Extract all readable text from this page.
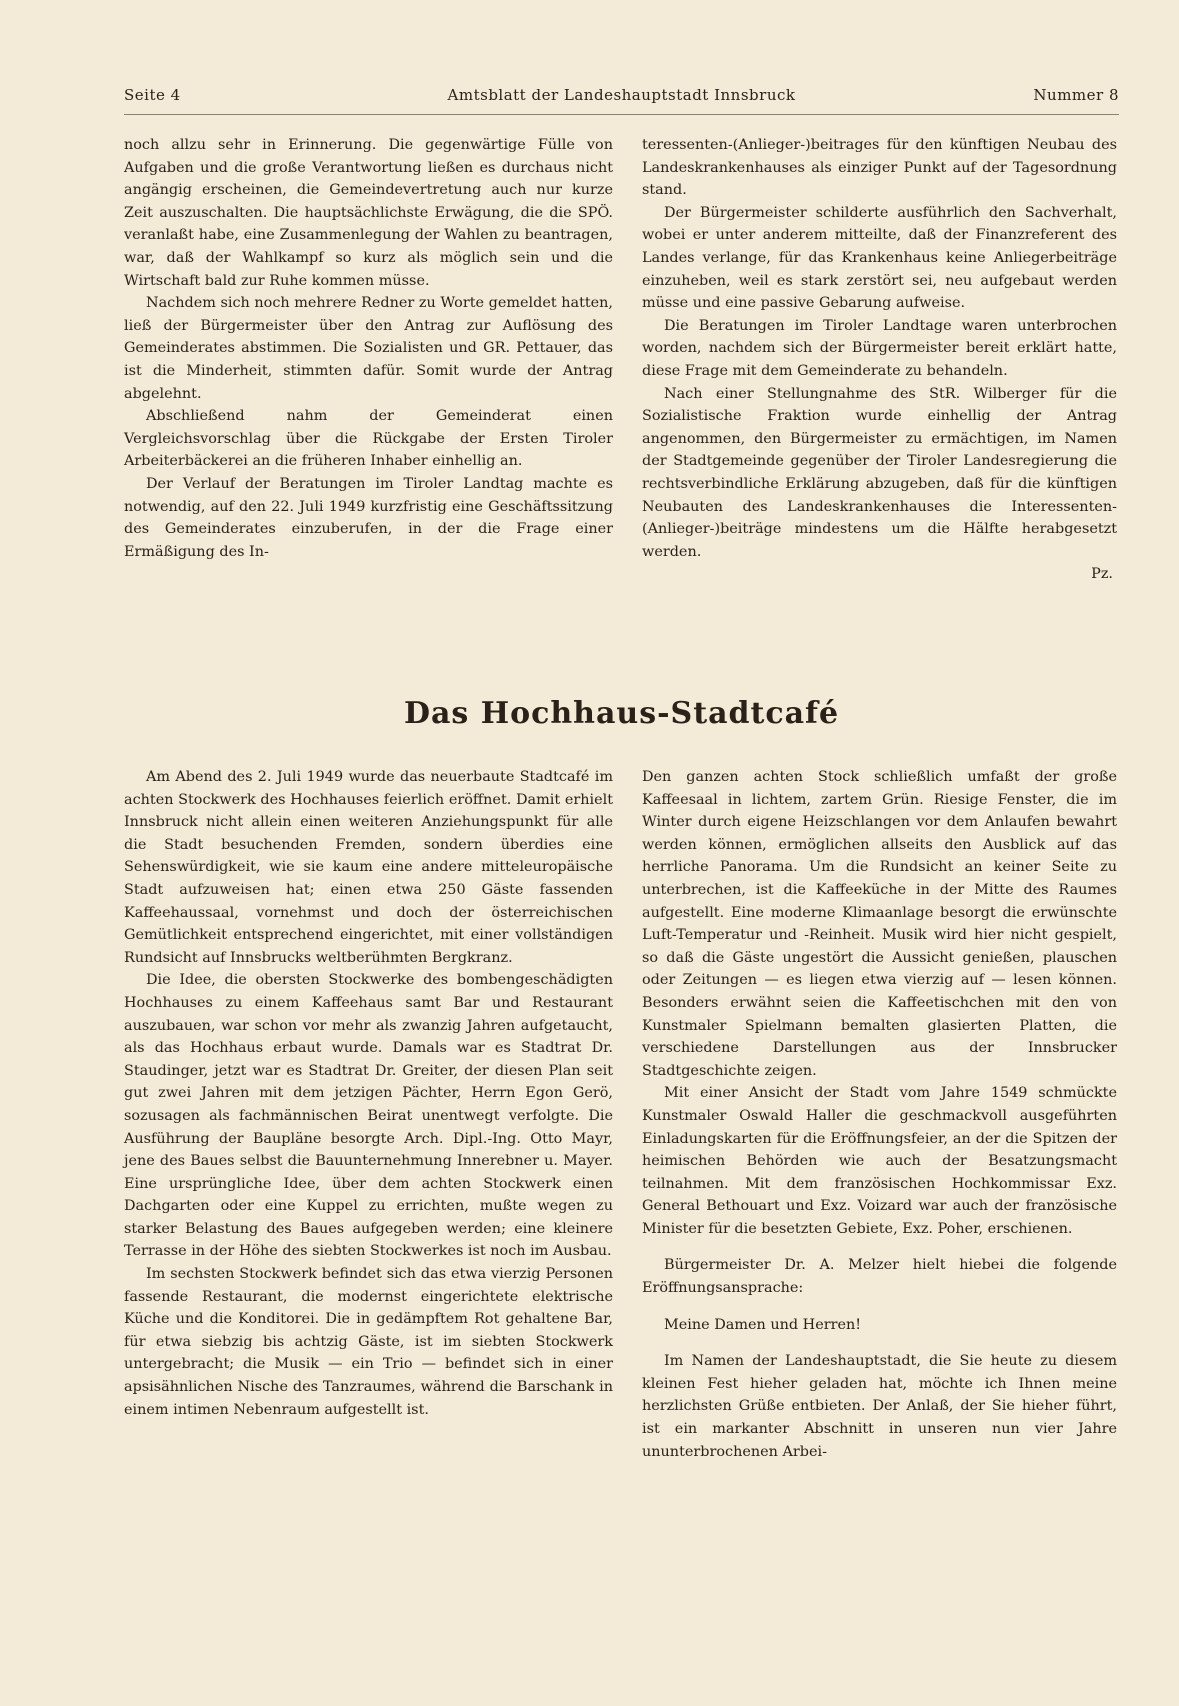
Seite 4	Amtsblatt der Landeshauptstadt Innsbruck	Nummer 8

noch allzu sehr in Erinnerung. Die gegenwärtige Fülle von Aufgaben und die große Verantwortung ließen es durchaus nicht angängig erscheinen, die Gemeindevertretung auch nur kurze Zeit auszuschalten. Die hauptsächlichste Erwägung, die die SPÖ. veranlaßt habe, eine Zusammenlegung der Wahlen zu beantragen, war, daß der Wahlkampf so kurz als möglich sein und die Wirtschaft bald zur Ruhe kommen müsse.

Nachdem sich noch mehrere Redner zu Worte gemeldet hatten, ließ der Bürgermeister über den Antrag zur Auflösung des Gemeinderates abstimmen. Die Sozialisten und GR. Pettauer, das ist die Minderheit, stimmten dafür. Somit wurde der Antrag abgelehnt.

Abschließend nahm der Gemeinderat einen Vergleichsvorschlag über die Rückgabe der Ersten Tiroler Arbeiterbäckerei an die früheren Inhaber einhellig an.

Der Verlauf der Beratungen im Tiroler Landtag machte es notwendig, auf den 22. Juli 1949 kurzfristig eine Geschäftssitzung des Gemeinderates einzuberufen, in der die Frage einer Ermäßigung des In-

teressenten-(Anlieger-)beitrages für den künftigen Neubau des Landeskrankenhauses als einziger Punkt auf der Tagesordnung stand.

Der Bürgermeister schilderte ausführlich den Sachverhalt, wobei er unter anderem mitteilte, daß der Finanzreferent des Landes verlange, für das Krankenhaus keine Anliegerbeiträge einzuheben, weil es stark zerstört sei, neu aufgebaut werden müsse und eine passive Gebarung aufweise.

Die Beratungen im Tiroler Landtage waren unterbrochen worden, nachdem sich der Bürgermeister bereit erklärt hatte, diese Frage mit dem Gemeinderate zu behandeln.

Nach einer Stellungnahme des StR. Wilberger für die Sozialistische Fraktion wurde einhellig der Antrag angenommen, den Bürgermeister zu ermächtigen, im Namen der Stadtgemeinde gegenüber der Tiroler Landesregierung die rechtsverbindliche Erklärung abzugeben, daß für die künftigen Neubauten des Landeskrankenhauses die Interessenten-(Anlieger-)beiträge mindestens um die Hälfte herabgesetzt werden.

Pz.

Das Hochhaus-Stadtcafé

Am Abend des 2. Juli 1949 wurde das neuerbaute Stadtcafé im achten Stockwerk des Hochhauses feierlich eröffnet. Damit erhielt Innsbruck nicht allein einen weiteren Anziehungspunkt für alle die Stadt besuchenden Fremden, sondern überdies eine Sehenswürdigkeit, wie sie kaum eine andere mitteleuropäische Stadt aufzuweisen hat; einen etwa 250 Gäste fassenden Kaffeehaussaal, vornehmst und doch der österreichischen Gemütlichkeit entsprechend eingerichtet, mit einer vollständigen Rundsicht auf Innsbrucks weltberühmten Bergkranz.

Die Idee, die obersten Stockwerke des bombengeschädigten Hochhauses zu einem Kaffeehaus samt Bar und Restaurant auszubauen, war schon vor mehr als zwanzig Jahren aufgetaucht, als das Hochhaus erbaut wurde. Damals war es Stadtrat Dr. Staudinger, jetzt war es Stadtrat Dr. Greiter, der diesen Plan seit gut zwei Jahren mit dem jetzigen Pächter, Herrn Egon Gerö, sozusagen als fachmännischen Beirat unentwegt verfolgte. Die Ausführung der Baupläne besorgte Arch. Dipl.-Ing. Otto Mayr, jene des Baues selbst die Bauunternehmung Innerebner u. Mayer. Eine ursprüngliche Idee, über dem achten Stockwerk einen Dachgarten oder eine Kuppel zu errichten, mußte wegen zu starker Belastung des Baues aufgegeben werden; eine kleinere Terrasse in der Höhe des siebten Stockwerkes ist noch im Ausbau.

Im sechsten Stockwerk befindet sich das etwa vierzig Personen fassende Restaurant, die modernst eingerichtete elektrische Küche und die Konditorei. Die in gedämpftem Rot gehaltene Bar, für etwa siebzig bis achtzig Gäste, ist im siebten Stockwerk untergebracht; die Musik — ein Trio — befindet sich in einer apsisähnlichen Nische des Tanzraumes, während die Barschank in einem intimen Nebenraum aufgestellt ist.

Den ganzen achten Stock schließlich umfaßt der große Kaffeesaal in lichtem, zartem Grün. Riesige Fenster, die im Winter durch eigene Heizschlangen vor dem Anlaufen bewahrt werden können, ermöglichen allseits den Ausblick auf das herrliche Panorama. Um die Rundsicht an keiner Seite zu unterbrechen, ist die Kaffeeküche in der Mitte des Raumes aufgestellt. Eine moderne Klimaanlage besorgt die erwünschte Luft-Temperatur und -Reinheit. Musik wird hier nicht gespielt, so daß die Gäste ungestört die Aussicht genießen, plauschen oder Zeitungen — es liegen etwa vierzig auf — lesen können. Besonders erwähnt seien die Kaffeetischchen mit den von Kunstmaler Spielmann bemalten glasierten Platten, die verschiedene Darstellungen aus der Innsbrucker Stadtgeschichte zeigen.

Mit einer Ansicht der Stadt vom Jahre 1549 schmückte Kunstmaler Oswald Haller die geschmackvoll ausgeführten Einladungskarten für die Eröffnungsfeier, an der die Spitzen der heimischen Behörden wie auch der Besatzungsmacht teilnahmen. Mit dem französischen Hochkommissar Exz. General Bethouart und Exz. Voizard war auch der französische Minister für die besetzten Gebiete, Exz. Poher, erschienen.

Bürgermeister Dr. A. Melzer hielt hiebei die folgende Eröffnungsansprache:

Meine Damen und Herren!

Im Namen der Landeshauptstadt, die Sie heute zu diesem kleinen Fest hieher geladen hat, möchte ich Ihnen meine herzlichsten Grüße entbieten. Der Anlaß, der Sie hieher führt, ist ein markanter Abschnitt in unseren nun vier Jahre ununterbrochenen Arbei-
